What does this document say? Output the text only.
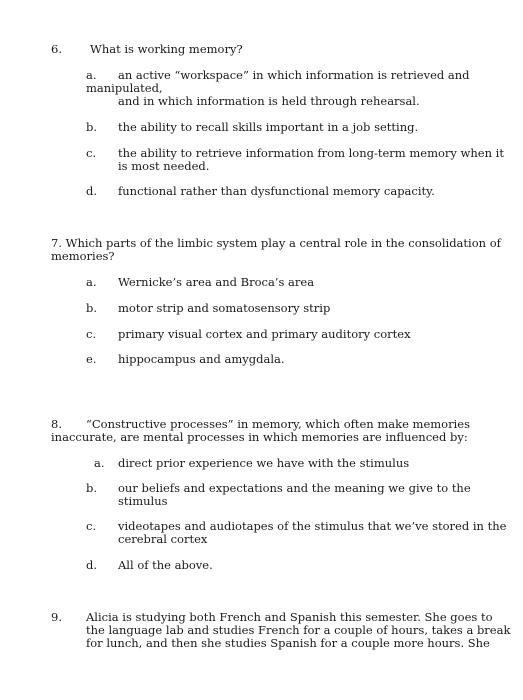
6. What is working memory?
a. an active “workspace” in which information is retrieved and
manipulated,
and in which information is held through rehearsal.
b. the ability to recall skills important in a job setting.
c. the ability to retrieve information from long-term memory when it
is most needed.
d. functional rather than dysfunctional memory capacity.
7. Which parts of the limbic system play a central role in the consolidation of
memories?
a. Wernicke’s area and Broca’s area
b. motor strip and somatosensory strip
c. primary visual cortex and primary auditory cortex
e. hippocampus and amygdala.
8. “Constructive processes” in memory, which often make memories
inaccurate, are mental processes in which memories are influenced by:
a. direct prior experience we have with the stimulus
b. our beliefs and expectations and the meaning we give to the
stimulus
c. videotapes and audiotapes of the stimulus that we’ve stored in the
cerebral cortex
d. All of the above.
9. Alicia is studying both French and Spanish this semester. She goes to
the language lab and studies French for a couple of hours, takes a break
for lunch, and then she studies Spanish for a couple more hours. She
